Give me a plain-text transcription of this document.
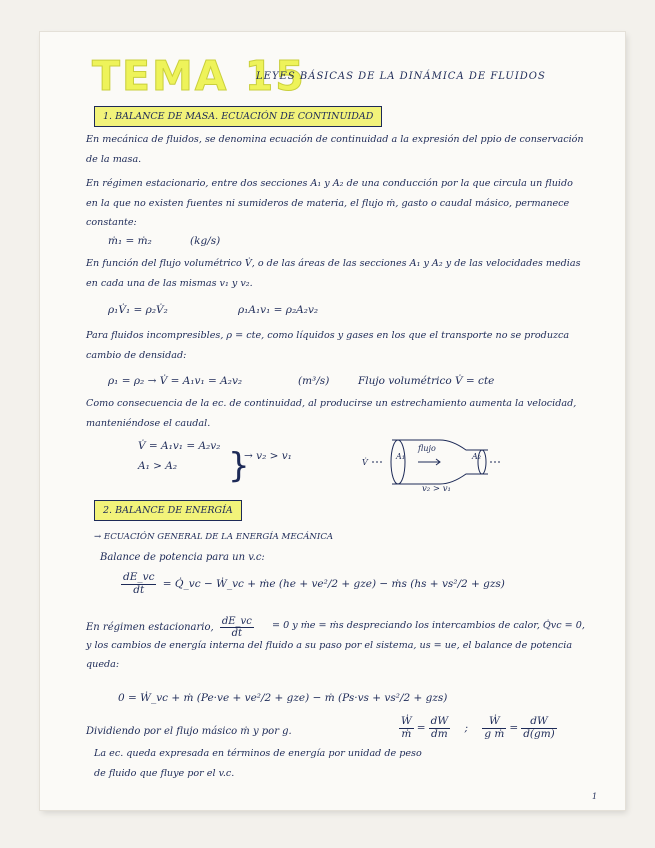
TEMA 15
LEYES BÁSICAS DE LA DINÁMICA DE FLUIDOS
1. BALANCE DE MASA. ECUACIÓN DE CONTINUIDAD
En mecánica de fluidos, se denomina ecuación de continuidad a la expresión del ppio de conservación de la masa.
En régimen estacionario, entre dos secciones A₁ y A₂ de una conducción por la que circula un fluido en la que no existen fuentes ni sumideros de materia, el flujo ṁ, gasto o caudal másico, permanece constante:
ṁ₁ = ṁ₂	(kg/s)
En función del flujo volumétrico V̇, o de las áreas de las secciones A₁ y A₂ y de las velocidades medias en cada una de las mismas v₁ y v₂.
ρ₁V̇₁ = ρ₂V̇₂	ρ₁A₁v₁ = ρ₂A₂v₂
Para fluidos incompresibles, ρ = cte, como líquidos y gases en los que el transporte no se produzca cambio de densidad:
ρ₁ = ρ₂ → V̇ = A₁v₁ = A₂v₂	(m³/s)	Flujo volumétrico V̇ = cte
Como consecuencia de la ec. de continuidad, al producirse un estrechamiento aumenta la velocidad, manteniéndose el caudal.
V̇ = A₁v₁ = A₂v₂
A₁ > A₂ }
→ v₂ > v₁	A₁
flujo
A₂
V̇
v₂ > v₁
2. BALANCE DE ENERGÍA
→ ECUACIÓN GENERAL DE LA ENERGÍA MECÁNICA
Balance de potencia para un v.c:
$\frac{dE\_vc}{dt}$ = Q̇_vc − Ẇ_vc + ṁe (he + ve²/2 + gze) − ṁs (hs + vs²/2 + gzs)
En régimen estacionario, $\frac{dE\_vc}{dt}$	= 0 y ṁe = ṁs despreciando los intercambios de calor, Q̇vc = 0, y los cambios de energía interna del fluido a su paso por el sistema, us = ue, el balance de potencia queda:
0 = Ẇ_vc + ṁ (Pe·ve + ve²/2 + gze) − ṁ (Ps·vs + vs²/2 + gzs)
Dividiendo por el flujo másico ṁ y por g.	$\frac{\text{Ẇ}}{\text{ṁ}} = \frac{dW}{dm}$ ; $\frac{\text{Ẇ}}{\text{g ṁ}} = \frac{dW}{d(gm)}$
La ec. queda expresada en términos de energía por unidad de peso de fluido que fluye por el v.c.
1
